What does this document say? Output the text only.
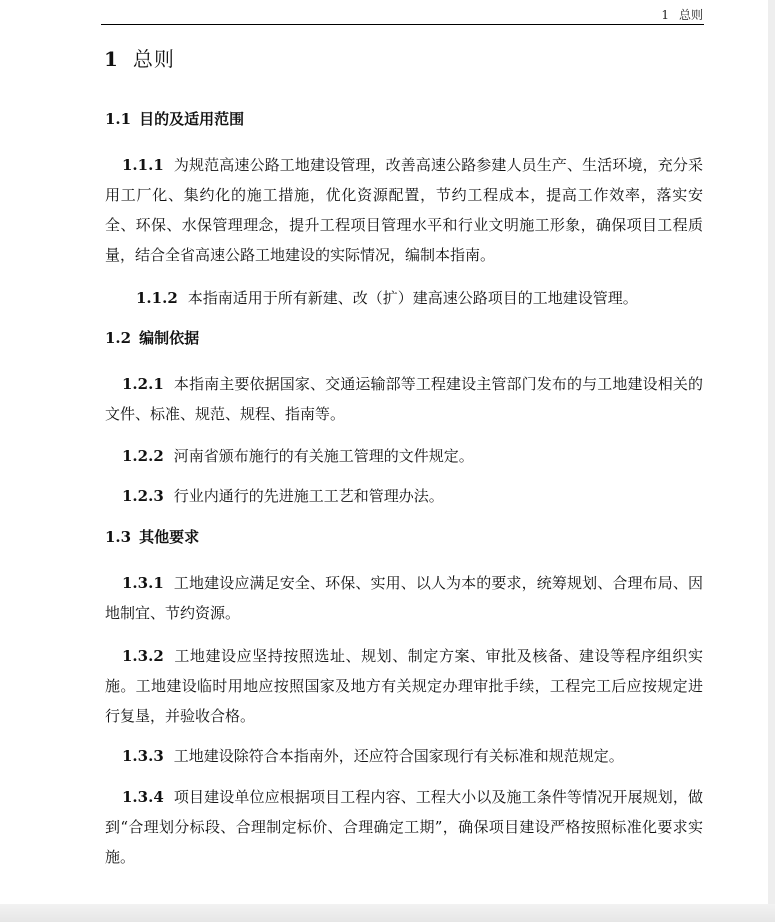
1 总则
1 总则
1.1 目的及适用范围
1.1.1 为规范高速公路工地建设管理，改善高速公路参建人员生产、生活环境，充分采用工厂化、集约化的施工措施，优化资源配置，节约工程成本，提高工作效率，落实安全、环保、水保管理理念，提升工程项目管理水平和行业文明施工形象，确保项目工程质量，结合全省高速公路工地建设的实际情况，编制本指南。
1.1.2 本指南适用于所有新建、改（扩）建高速公路项目的工地建设管理。
1.2 编制依据
1.2.1 本指南主要依据国家、交通运输部等工程建设主管部门发布的与工地建设相关的文件、标准、规范、规程、指南等。
1.2.2 河南省颁布施行的有关施工管理的文件规定。
1.2.3 行业内通行的先进施工工艺和管理办法。
1.3 其他要求
1.3.1 工地建设应满足安全、环保、实用、以人为本的要求，统筹规划、合理布局、因地制宜、节约资源。
1.3.2 工地建设应坚持按照选址、规划、制定方案、审批及核备、建设等程序组织实施。工地建设临时用地应按照国家及地方有关规定办理审批手续，工程完工后应按规定进行复垦，并验收合格。
1.3.3 工地建设除符合本指南外，还应符合国家现行有关标准和规范规定。
1.3.4 项目建设单位应根据项目工程内容、工程大小以及施工条件等情况开展规划，做到“合理划分标段、合理制定标价、合理确定工期”，确保项目建设严格按照标准化要求实施。
